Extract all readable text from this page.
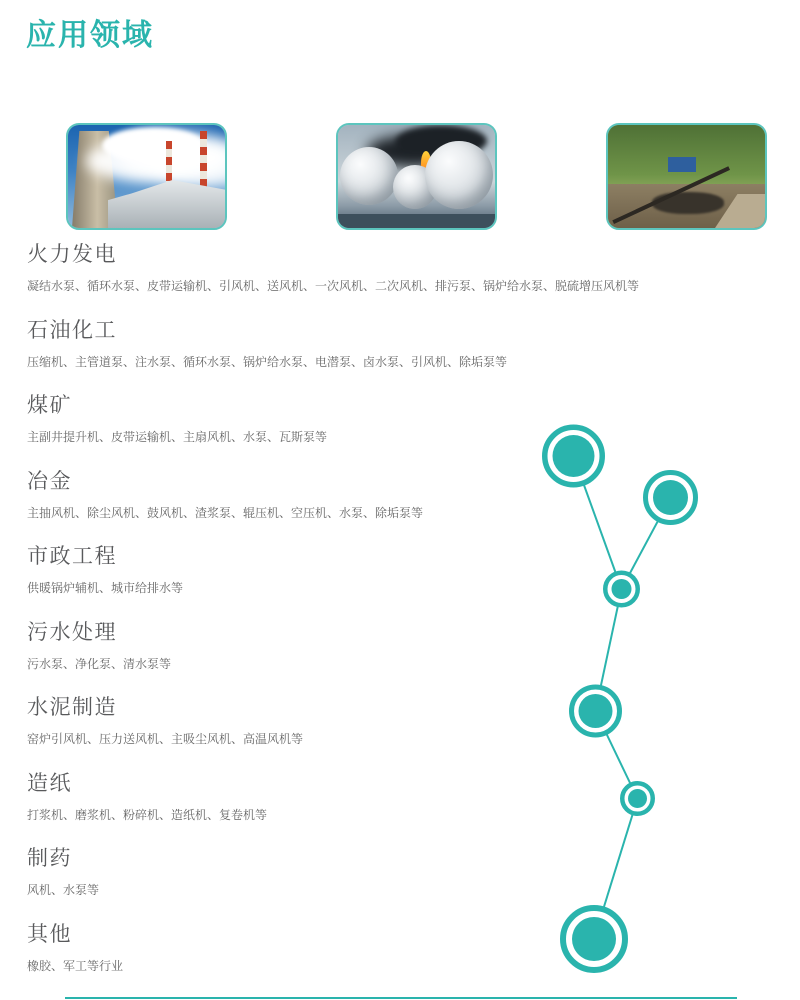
应用领域
火力发电

凝结水泵、循环水泵、皮带运输机、引风机、送风机、一次风机、二次风机、排污泵、锅炉给水泵、脱硫增压风机等

石油化工

压缩机、主管道泵、注水泵、循环水泵、锅炉给水泵、电潜泵、卤水泵、引风机、除垢泵等

煤矿

主副井提升机、皮带运输机、主扇风机、水泵、瓦斯泵等

冶金

主抽风机、除尘风机、鼓风机、渣浆泵、辊压机、空压机、水泵、除垢泵等

市政工程

供暖锅炉辅机、城市给排水等

污水处理

污水泵、净化泵、清水泵等

水泥制造

窑炉引风机、压力送风机、主吸尘风机、高温风机等

造纸

打浆机、磨浆机、粉碎机、造纸机、复卷机等

制药

风机、水泵等

其他

橡胶、军工等行业
